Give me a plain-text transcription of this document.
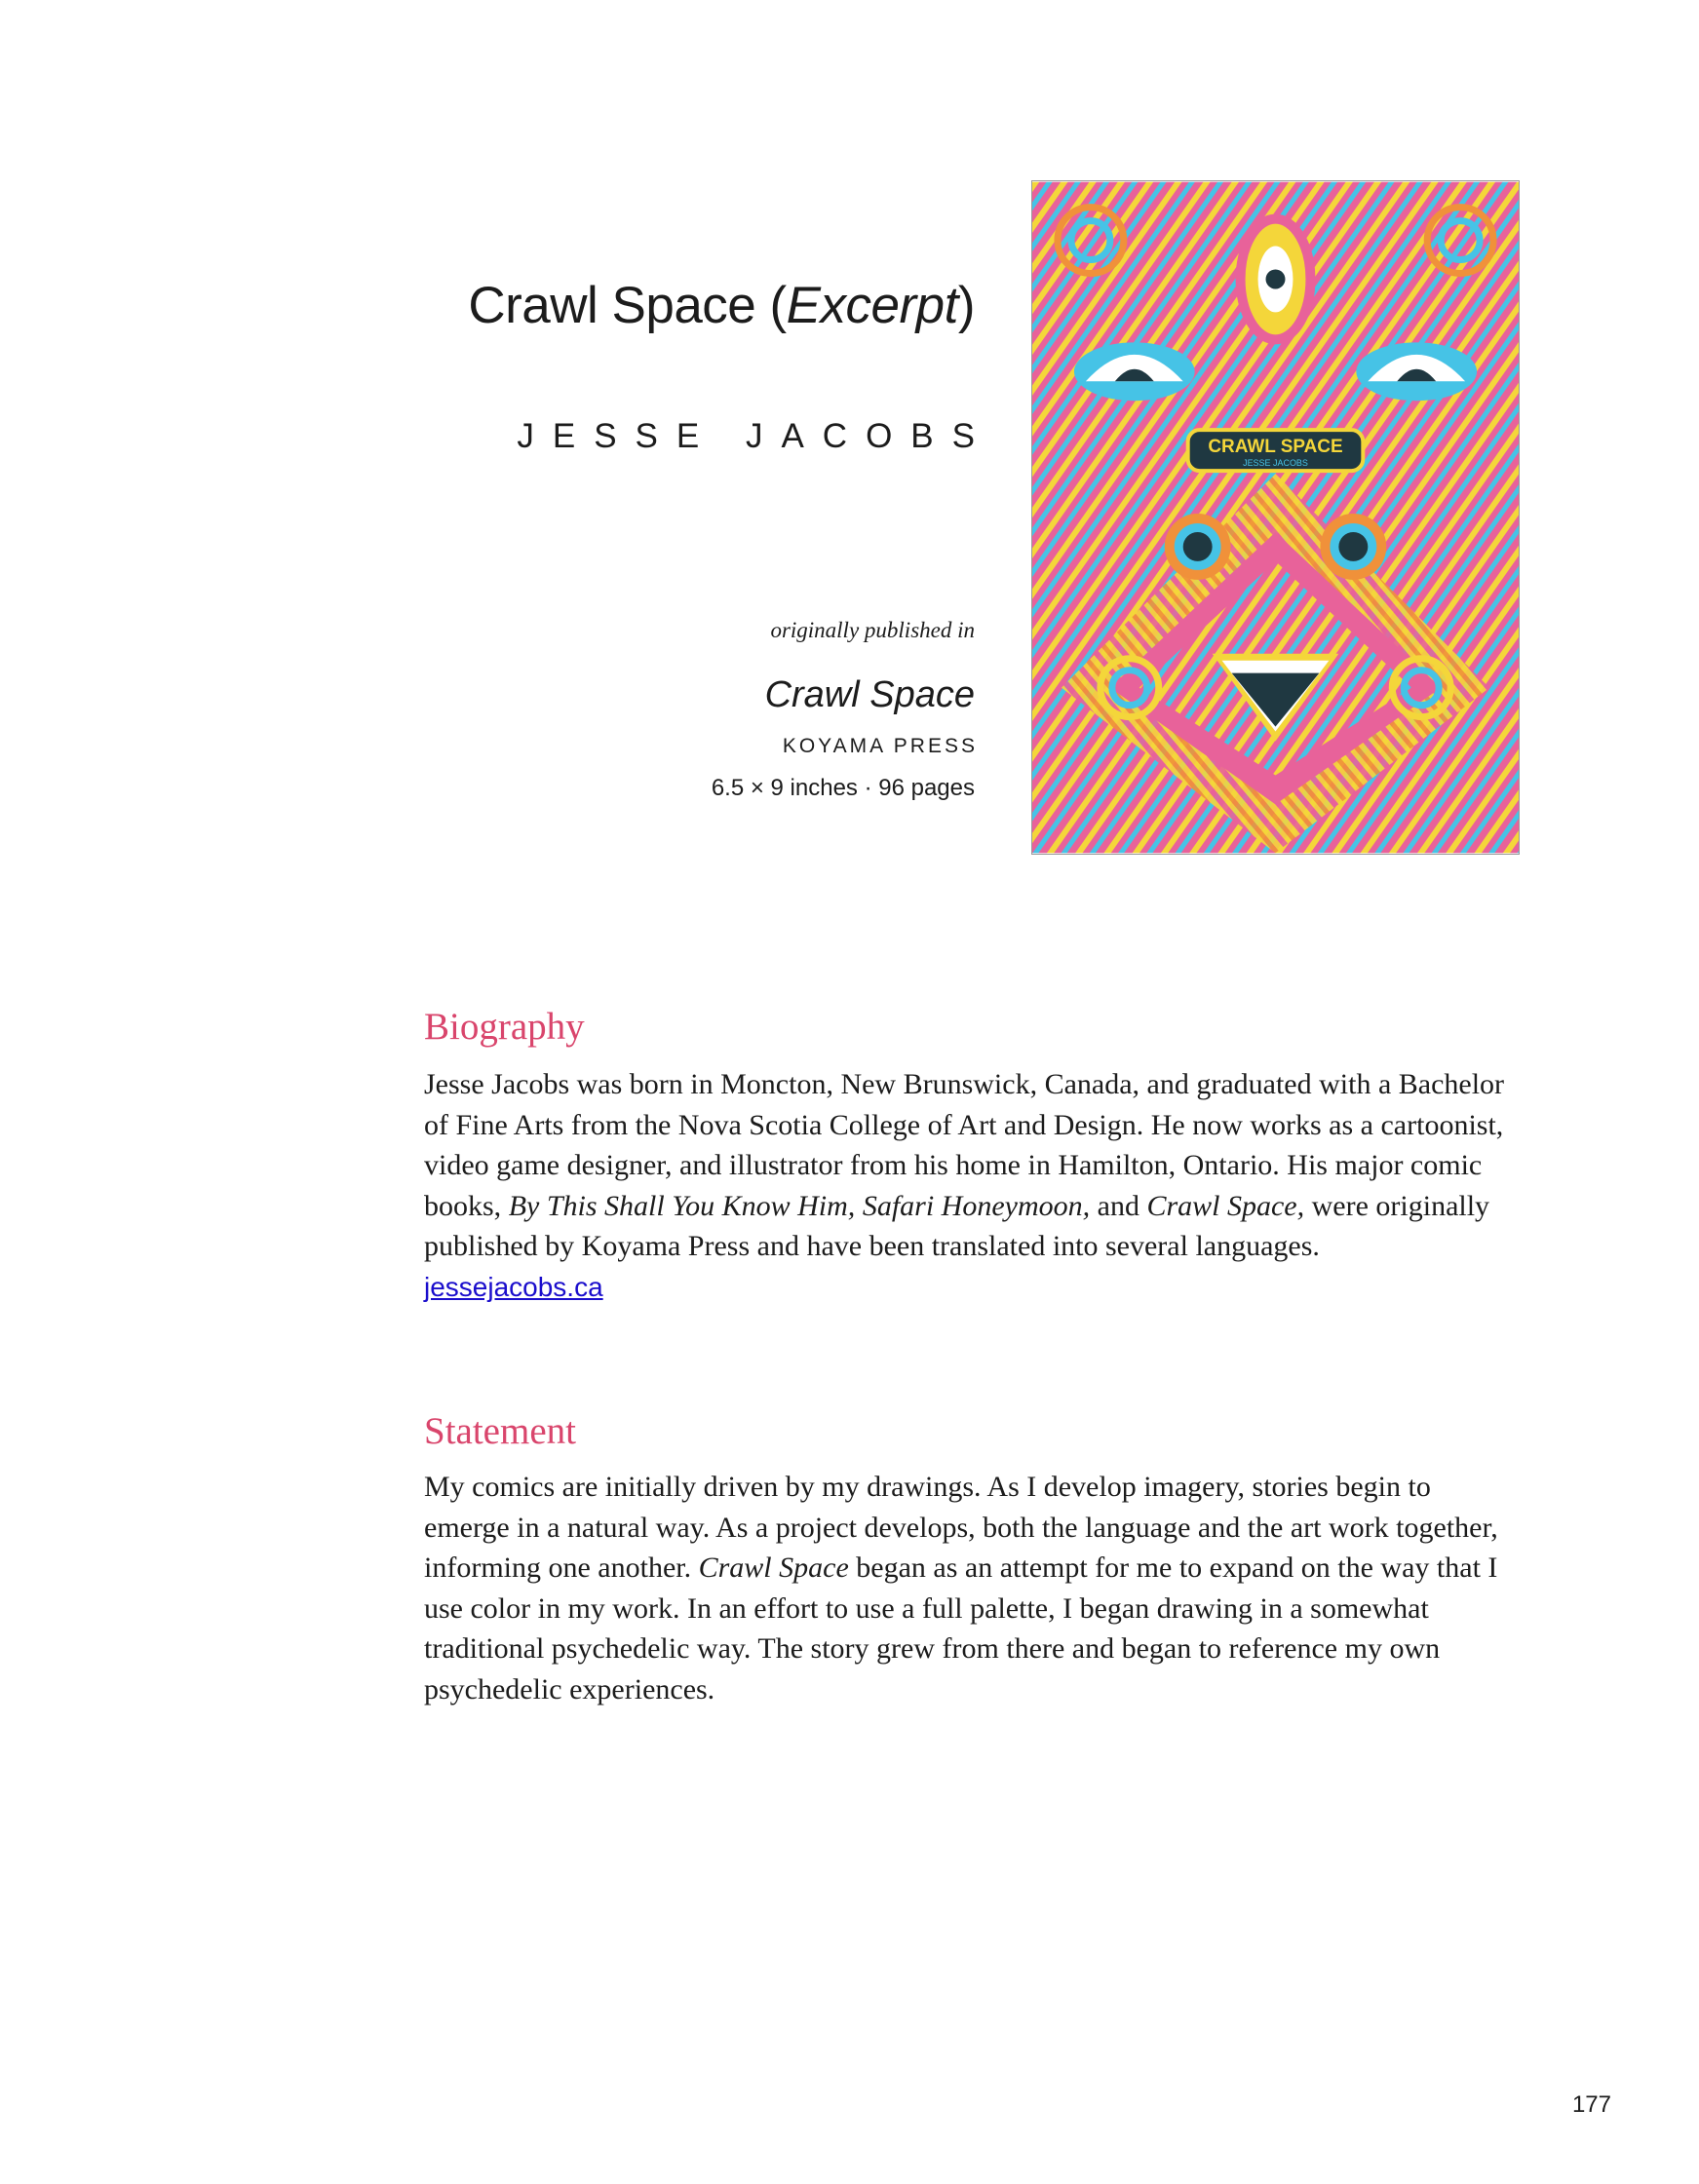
Crawl Space (Excerpt)
JESSE JACOBS
originally published in
Crawl Space
KOYAMA PRESS
6.5 × 9 inches · 96 pages
CRAWL SPACE
JESSE JACOBS
Biography

Jesse Jacobs was born in Moncton, New Brunswick, Canada, and graduated with a Bachelor of Fine Arts from the Nova Scotia College of Art and Design. He now works as a cartoonist, video game designer, and illustrator from his home in Hamilton, Ontario. His major comic books, By This Shall You Know Him, Safari Honeymoon, and Crawl Space, were originally published by Koyama Press and have been translated into several languages.
jessejacobs.ca

Statement

My comics are initially driven by my drawings. As I develop imagery, stories begin to emerge in a natural way. As a project develops, both the language and the art work together, informing one another. Crawl Space began as an attempt for me to expand on the way that I use color in my work. In an effort to use a full palette, I began drawing in a somewhat traditional psychedelic way. The story grew from there and began to reference my own psychedelic experiences.

177
